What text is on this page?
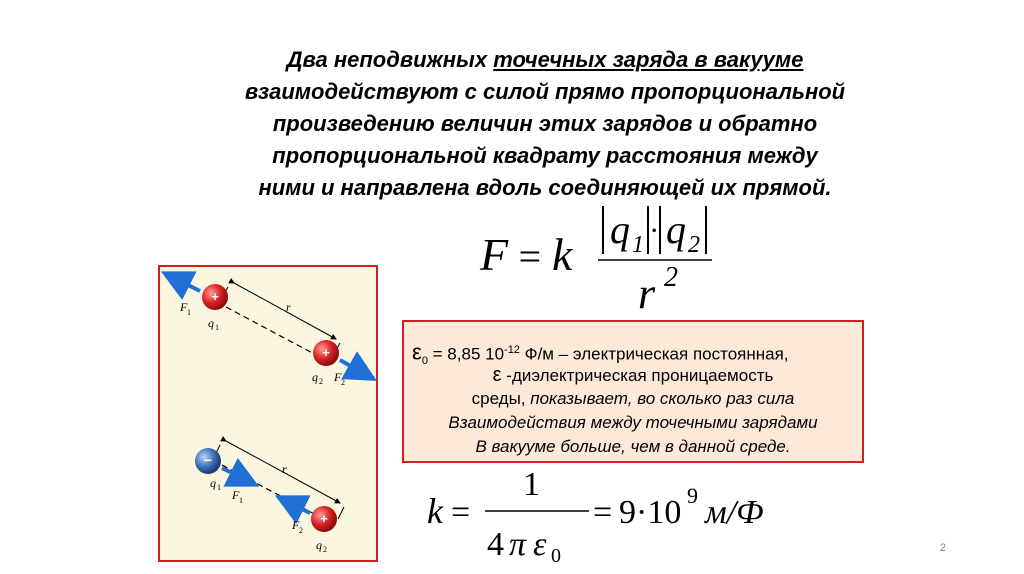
Два неподвижных точечных заряда в вакууме
взаимодействуют с силой прямо пропорциональной
произведению величин этих зарядов и обратно
пропорциональной квадрату расстояния между
ними и направлена вдоль соединяющей их прямой.
F = k q 1 · q 2
r 2
r
+
F 1
q 1
+
q 2 F 2
r
−
q 1
F 1
+
F 2
q 2
$\varepsilon_0 = 8,85$ $10^{-12}$ Ф/м – электрическая постоянная,
ε -диэлектрическая проницаемость
среды, показывает, во сколько раз сила
Взаимодействия между точечными зарядами
В вакууме больше, чем в данной среде.
k =
1
4 π ε 0
= 9·10 9 м/Ф
2
